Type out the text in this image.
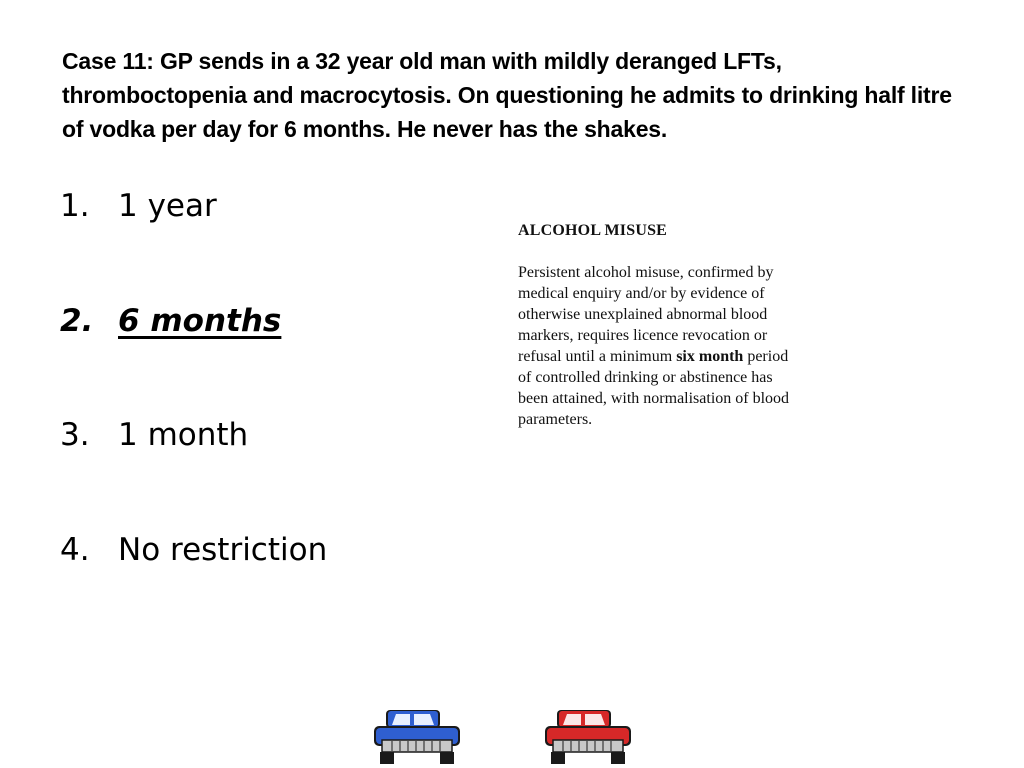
Case 11: GP sends in a 32 year old man with mildly deranged LFTs, thromboctopenia and macrocytosis. On questioning he admits to drinking half litre of vodka per day for 6 months. He never has the shakes.
1. 1 year
2. 6 months
3. 1 month
4. No restriction
ALCOHOL MISUSE

Persistent alcohol misuse, confirmed by medical enquiry and/or by evidence of otherwise unexplained abnormal blood markers, requires licence revocation or refusal until a minimum six month period of controlled drinking or abstinence has been attained, with normalisation of blood parameters.
